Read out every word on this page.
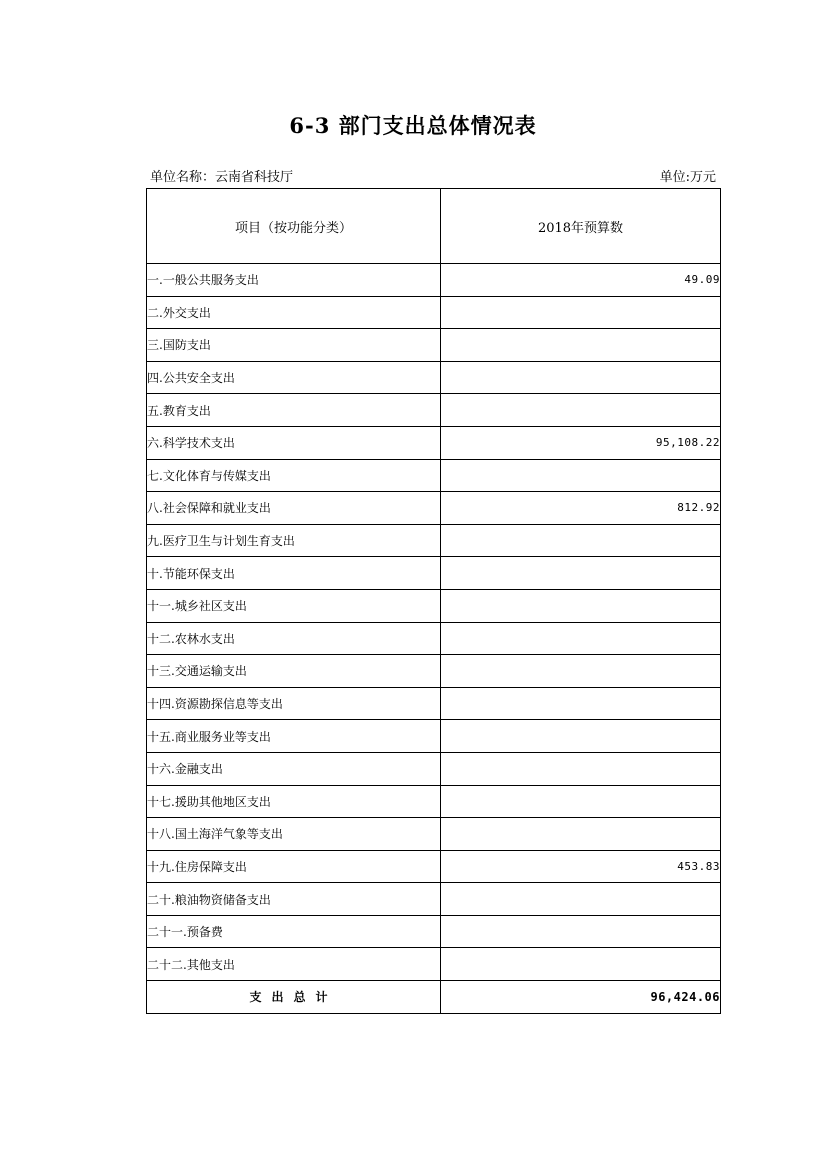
6-3 部门支出总体情况表
单位名称：云南省科技厅	单位:万元
项目（按功能分类）	2018年预算数
一.一般公共服务支出	49.09
二.外交支出	
三.国防支出	
四.公共安全支出	
五.教育支出	
六.科学技术支出	95,108.22
七.文化体育与传媒支出	
八.社会保障和就业支出	812.92
九.医疗卫生与计划生育支出	
十.节能环保支出	
十一.城乡社区支出	
十二.农林水支出	
十三.交通运输支出	
十四.资源勘探信息等支出	
十五.商业服务业等支出	
十六.金融支出	
十七.援助其他地区支出	
十八.国土海洋气象等支出	
十九.住房保障支出	453.83
二十.粮油物资储备支出	
二十一.预备费	
二十二.其他支出	
支出总计	96,424.06
